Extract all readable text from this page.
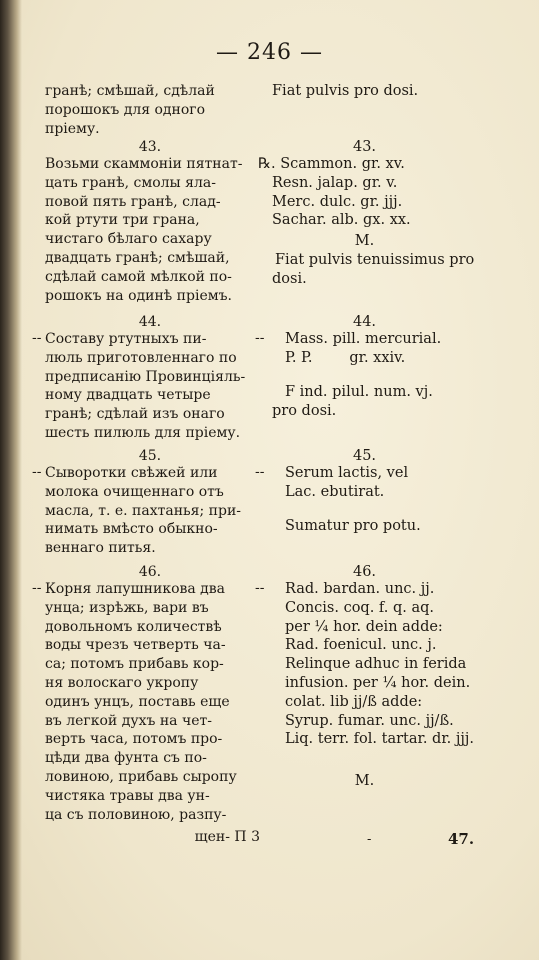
— 246 —
гранѣ; смѣшай, сдѣлай
порошокъ для одного
пріему.
43.
Возьми скаммоніи пятнат-
цать гранѣ, смолы яла-
повой пять гранѣ, слад-
кой ртути три грана,
чистаго бѣлаго сахару
двадцать гранѣ; смѣшай,
сдѣлай самой мѣлкой по-
рошокъ на одинѣ пріемъ.
44.
Составу ртутныхъ пи-
люль приготовленнаго по
предписанію Провинціяль-
ному двадцать четыре
гранѣ; сдѣлай изъ онаго
шесть пилюль для пріему.
45.
Сыворотки свѣжей или
молока очищеннаго отъ
масла, т. е. пахтанья; при-
нимать вмѣсто обыкно-
веннаго питья.
46.
Корня лапушникова два
унца; изрѣжь, вари въ
довольномъ количествѣ
воды чрезъ четверть ча-
са; потомъ прибавь кор-
ня волоскаго укропу
одинъ унцъ, поставь еще
въ легкой духъ на чет-
верть часа, потомъ про-
цѣди два фунта съ по-
ловиною, прибавь сыропу
чистяка травы два ун-
ца съ половиною, разпу-
щен- П 3
--	--
--	--
--	--
Fiat pulvis pro dosi.
43.
℞. Scammon. gr. xv.
Resn. jalap. gr. v.
Merc. dulc. gr. jjj.
Sachar. alb. gx. xx.
M.
Fiat pulvis tenuissimus pro
dosi.
44.
Mass. pill. mercurial.
P. P.        gr. xxiv.
F ind. pilul. num. vj.
pro dosi.
45.
Serum lactis, vel
Lac. ebutirat.
Sumatur pro potu.
46.
Rad. bardan. unc. jj.
Concis. coq. f. q. aq.
per ¼ hor. dein adde:
Rad. foenicul. unc. j.
Relinque adhuc in ferida
infusion. per ¼ hor. dein.
colat. lib jj/ß adde:
Syrup. fumar. unc. jj/ß.
Liq. terr. fol. tartar. dr. jjj.
M.
-	47.
